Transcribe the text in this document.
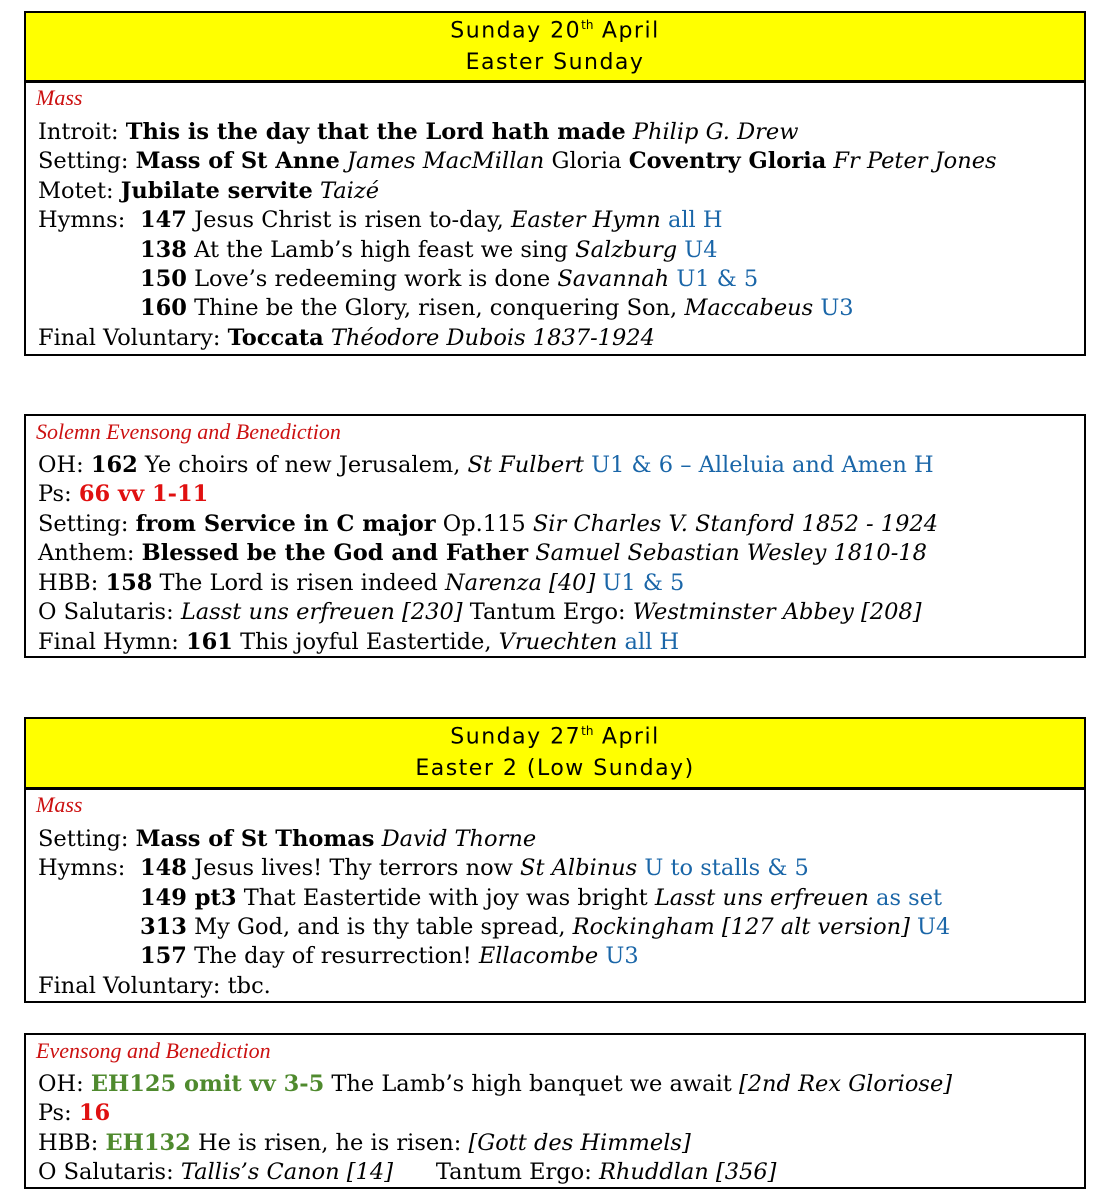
Sunday 20th April
Easter Sunday
Mass
Introit: This is the day that the Lord hath made Philip G. Drew
Setting: Mass of St Anne James MacMillan Gloria Coventry Gloria Fr Peter Jones
Motet: Jubilate servite Taizé
Hymns: 147 Jesus Christ is risen to-day, Easter Hymn all H
138 At the Lamb’s high feast we sing Salzburg U4
150 Love’s redeeming work is done Savannah U1 & 5
160 Thine be the Glory, risen, conquering Son, Maccabeus U3
Final Voluntary: Toccata Théodore Dubois 1837-1924
Solemn Evensong and Benediction
OH: 162 Ye choirs of new Jerusalem, St Fulbert U1 & 6 – Alleluia and Amen H
Ps: 66 vv 1-11
Setting: from Service in C major Op.115 Sir Charles V. Stanford 1852 - 1924
Anthem: Blessed be the God and Father Samuel Sebastian Wesley 1810-18
HBB: 158 The Lord is risen indeed Narenza [40] U1 & 5
O Salutaris: Lasst uns erfreuen [230] Tantum Ergo: Westminster Abbey [208]
Final Hymn: 161 This joyful Eastertide, Vruechten all H
Sunday 27th April
Easter 2 (Low Sunday)
Mass
Setting: Mass of St Thomas David Thorne
Hymns: 148 Jesus lives! Thy terrors now St Albinus U to stalls & 5
149 pt3 That Eastertide with joy was bright Lasst uns erfreuen as set
313 My God, and is thy table spread, Rockingham [127 alt version] U4
157 The day of resurrection! Ellacombe U3
Final Voluntary: tbc.
Evensong and Benediction
OH: EH125 omit vv 3-5 The Lamb’s high banquet we await [2nd Rex Gloriose]
Ps: 16
HBB: EH132 He is risen, he is risen: [Gott des Himmels]
O Salutaris: Tallis’s Canon [14]      Tantum Ergo: Rhuddlan [356]
